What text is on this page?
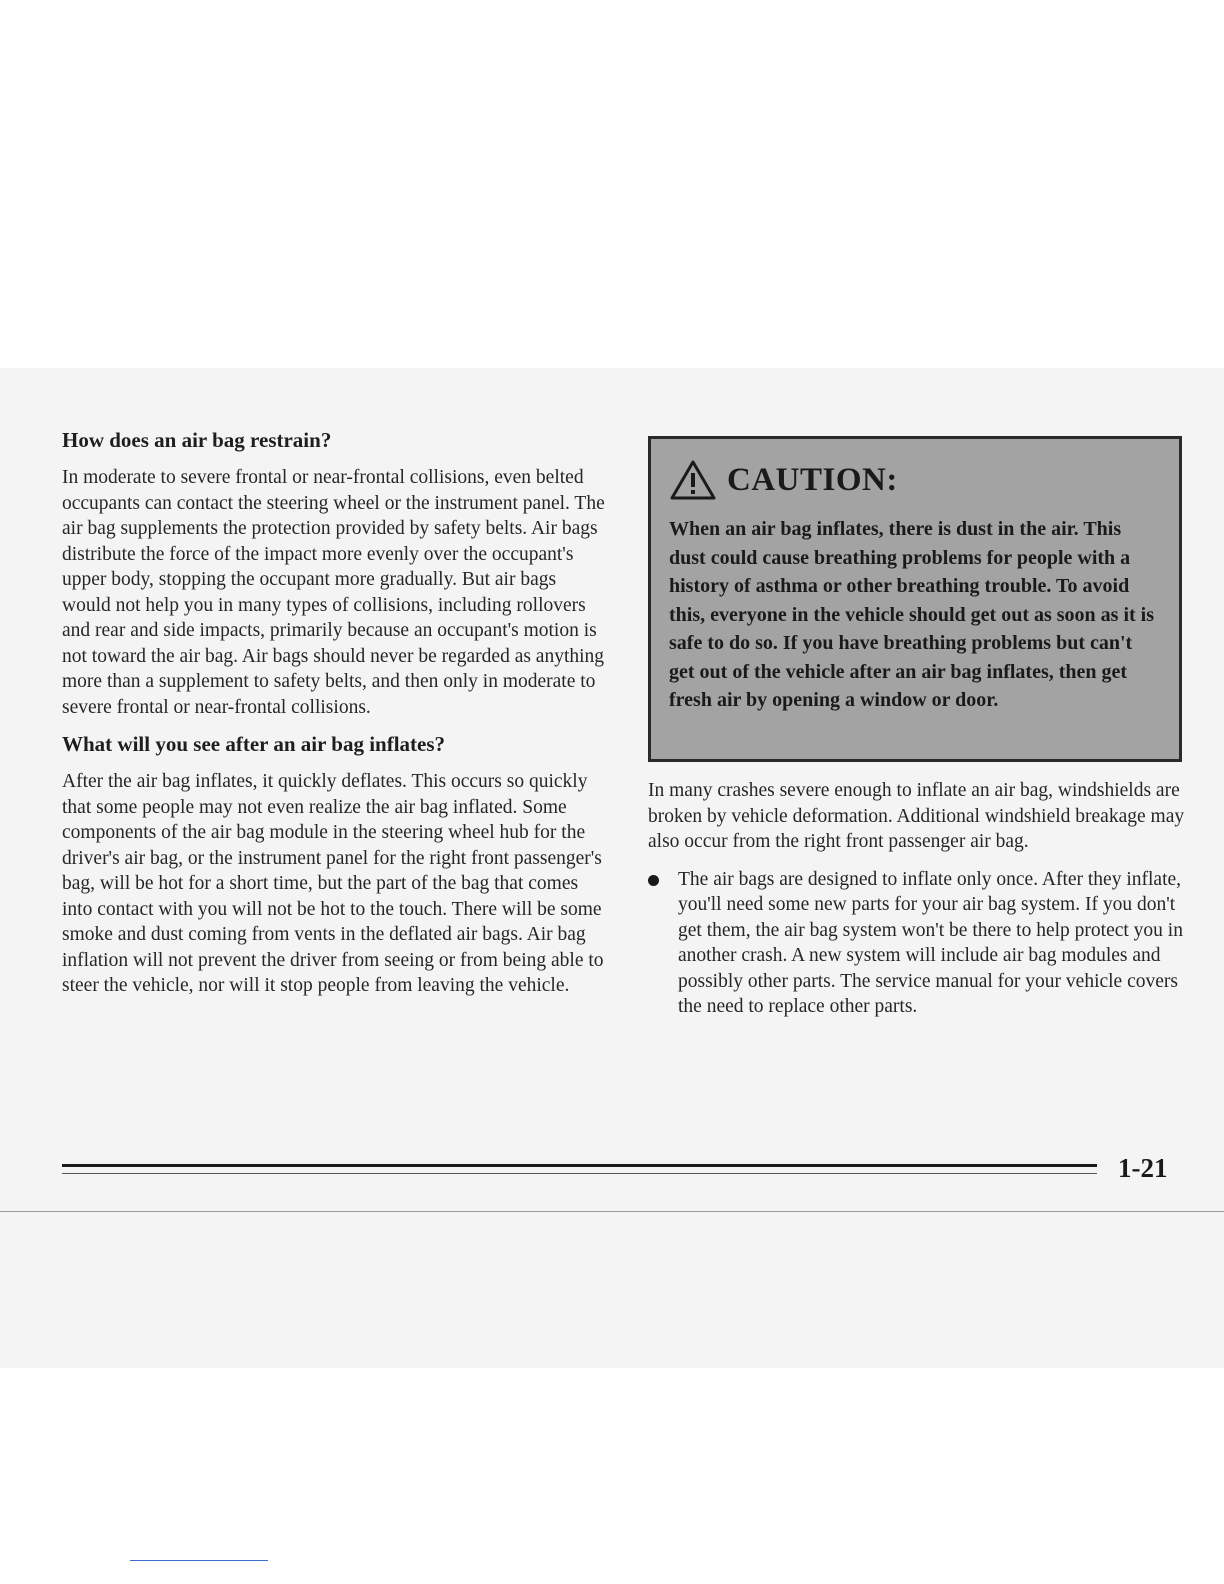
How does an air bag restrain?

In moderate to severe frontal or near-frontal collisions, even belted occupants can contact the steering wheel or the instrument panel. The air bag supplements the protection provided by safety belts. Air bags distribute the force of the impact more evenly over the occupant's upper body, stopping the occupant more gradually. But air bags would not help you in many types of collisions, including rollovers and rear and side impacts, primarily because an occupant's motion is not toward the air bag. Air bags should never be regarded as anything more than a supplement to safety belts, and then only in moderate to severe frontal or near-frontal collisions.

What will you see after an air bag inflates?

After the air bag inflates, it quickly deflates. This occurs so quickly that some people may not even realize the air bag inflated. Some components of the air bag module in the steering wheel hub for the driver's air bag, or the instrument panel for the right front passenger's bag, will be hot for a short time, but the part of the bag that comes into contact with you will not be hot to the touch. There will be some smoke and dust coming from vents in the deflated air bags. Air bag inflation will not prevent the driver from seeing or from being able to steer the vehicle, nor will it stop people from leaving the vehicle.

CAUTION:

When an air bag inflates, there is dust in the air. This dust could cause breathing problems for people with a history of asthma or other breathing trouble. To avoid this, everyone in the vehicle should get out as soon as it is safe to do so. If you have breathing problems but can't get out of the vehicle after an air bag inflates, then get fresh air by opening a window or door.

In many crashes severe enough to inflate an air bag, windshields are broken by vehicle deformation. Additional windshield breakage may also occur from the right front passenger air bag.

The air bags are designed to inflate only once. After they inflate, you'll need some new parts for your air bag system. If you don't get them, the air bag system won't be there to help protect you in another crash. A new system will include air bag modules and possibly other parts. The service manual for your vehicle covers the need to replace other parts.

1-21
